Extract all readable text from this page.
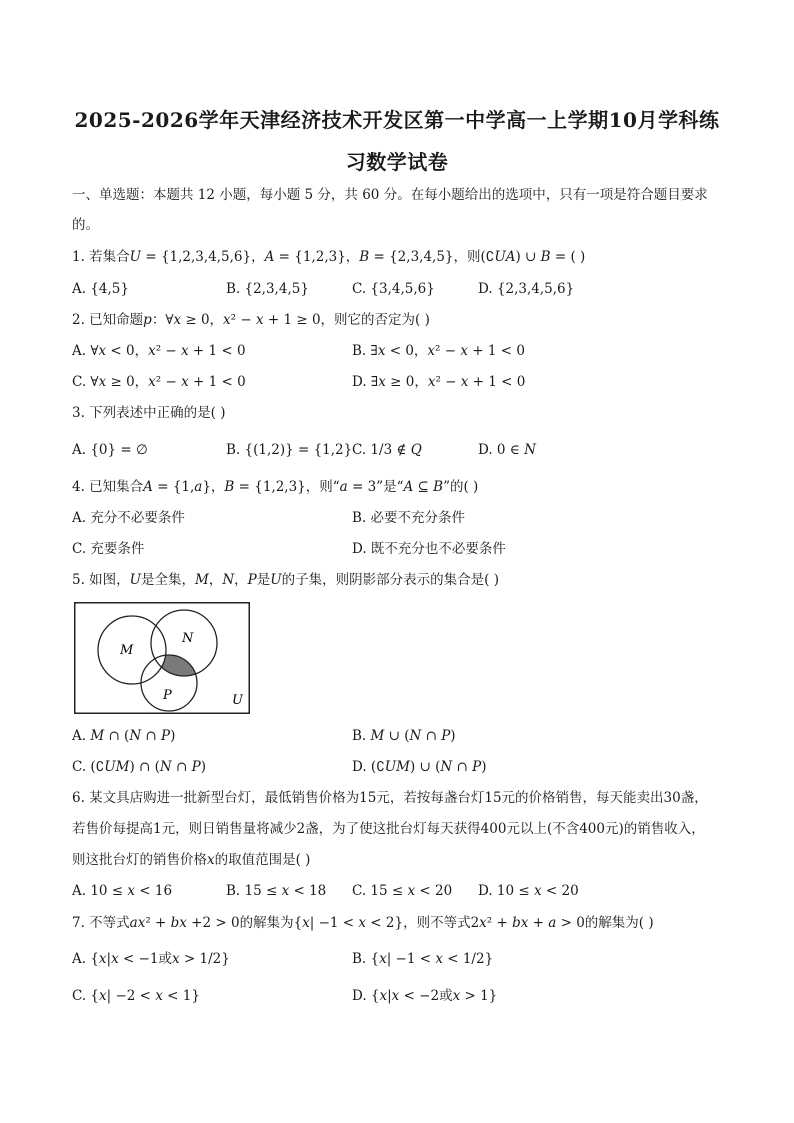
2025-2026学年天津经济技术开发区第一中学高一上学期10月学科练
习数学试卷
一、单选题：本题共 12 小题，每小题 5 分，共 60 分。在每小题给出的选项中，只有一项是符合题目要求
的。
1. 若集合𝑈 = {1,2,3,4,5,6}，𝐴 = {1,2,3}，𝐵 = {2,3,4,5}，则(∁𝑈𝐴) ∪ 𝐵 = ( )
A. {4,5}	B. {2,3,4,5}	C. {3,4,5,6}	D. {2,3,4,5,6}
2. 已知命题𝑝：∀𝑥 ≥ 0，𝑥² − 𝑥 + 1 ≥ 0，则它的否定为( )
A. ∀𝑥 < 0，𝑥² − 𝑥 + 1 < 0	B. ∃𝑥 < 0，𝑥² − 𝑥 + 1 < 0
C. ∀𝑥 ≥ 0，𝑥² − 𝑥 + 1 < 0	D. ∃𝑥 ≥ 0，𝑥² − 𝑥 + 1 < 0
3. 下列表述中正确的是( )
A. {0} = ∅	B. {(1,2)} = {1,2} C. 1/3 ∉ 𝑄	D. 0 ∈ 𝑁
4. 已知集合𝐴 = {1,𝑎}，𝐵 = {1,2,3}，则“𝑎 = 3”是“𝐴 ⊆ 𝐵”的( )
A. 充分不必要条件	B. 必要不充分条件
C. 充要条件	D. 既不充分也不必要条件
5. 如图，𝑈是全集，𝑀，𝑁，𝑃是𝑈的子集，则阴影部分表示的集合是( )
M
N
P	U
A. 𝑀 ∩ (𝑁 ∩ 𝑃)	B. 𝑀 ∪ (𝑁 ∩ 𝑃)
C. (∁𝑈𝑀) ∩ (𝑁 ∩ 𝑃)	D. (∁𝑈𝑀) ∪ (𝑁 ∩ 𝑃)
6. 某文具店购进一批新型台灯，最低销售价格为15元，若按每盏台灯15元的价格销售，每天能卖出30盏，
若售价每提高1元，则日销售量将减少2盏，为了使这批台灯每天获得400元以上(不含400元)的销售收入，
则这批台灯的销售价格𝑥的取值范围是( )
A. 10 ≤ 𝑥 < 16	B. 15 ≤ 𝑥 < 18 C. 15 ≤ 𝑥 < 20 D. 10 ≤ 𝑥 < 20
7. 不等式𝑎𝑥² + 𝑏𝑥 +2 > 0的解集为{𝑥| −1 < 𝑥 < 2}，则不等式2𝑥² + 𝑏𝑥 + 𝑎 > 0的解集为( )
A. {𝑥|𝑥 < −1或𝑥 > 1/2}	B. {𝑥| −1 < 𝑥 < 1/2}
C. {𝑥| −2 < 𝑥 < 1}	D. {𝑥|𝑥 < −2或𝑥 > 1}
